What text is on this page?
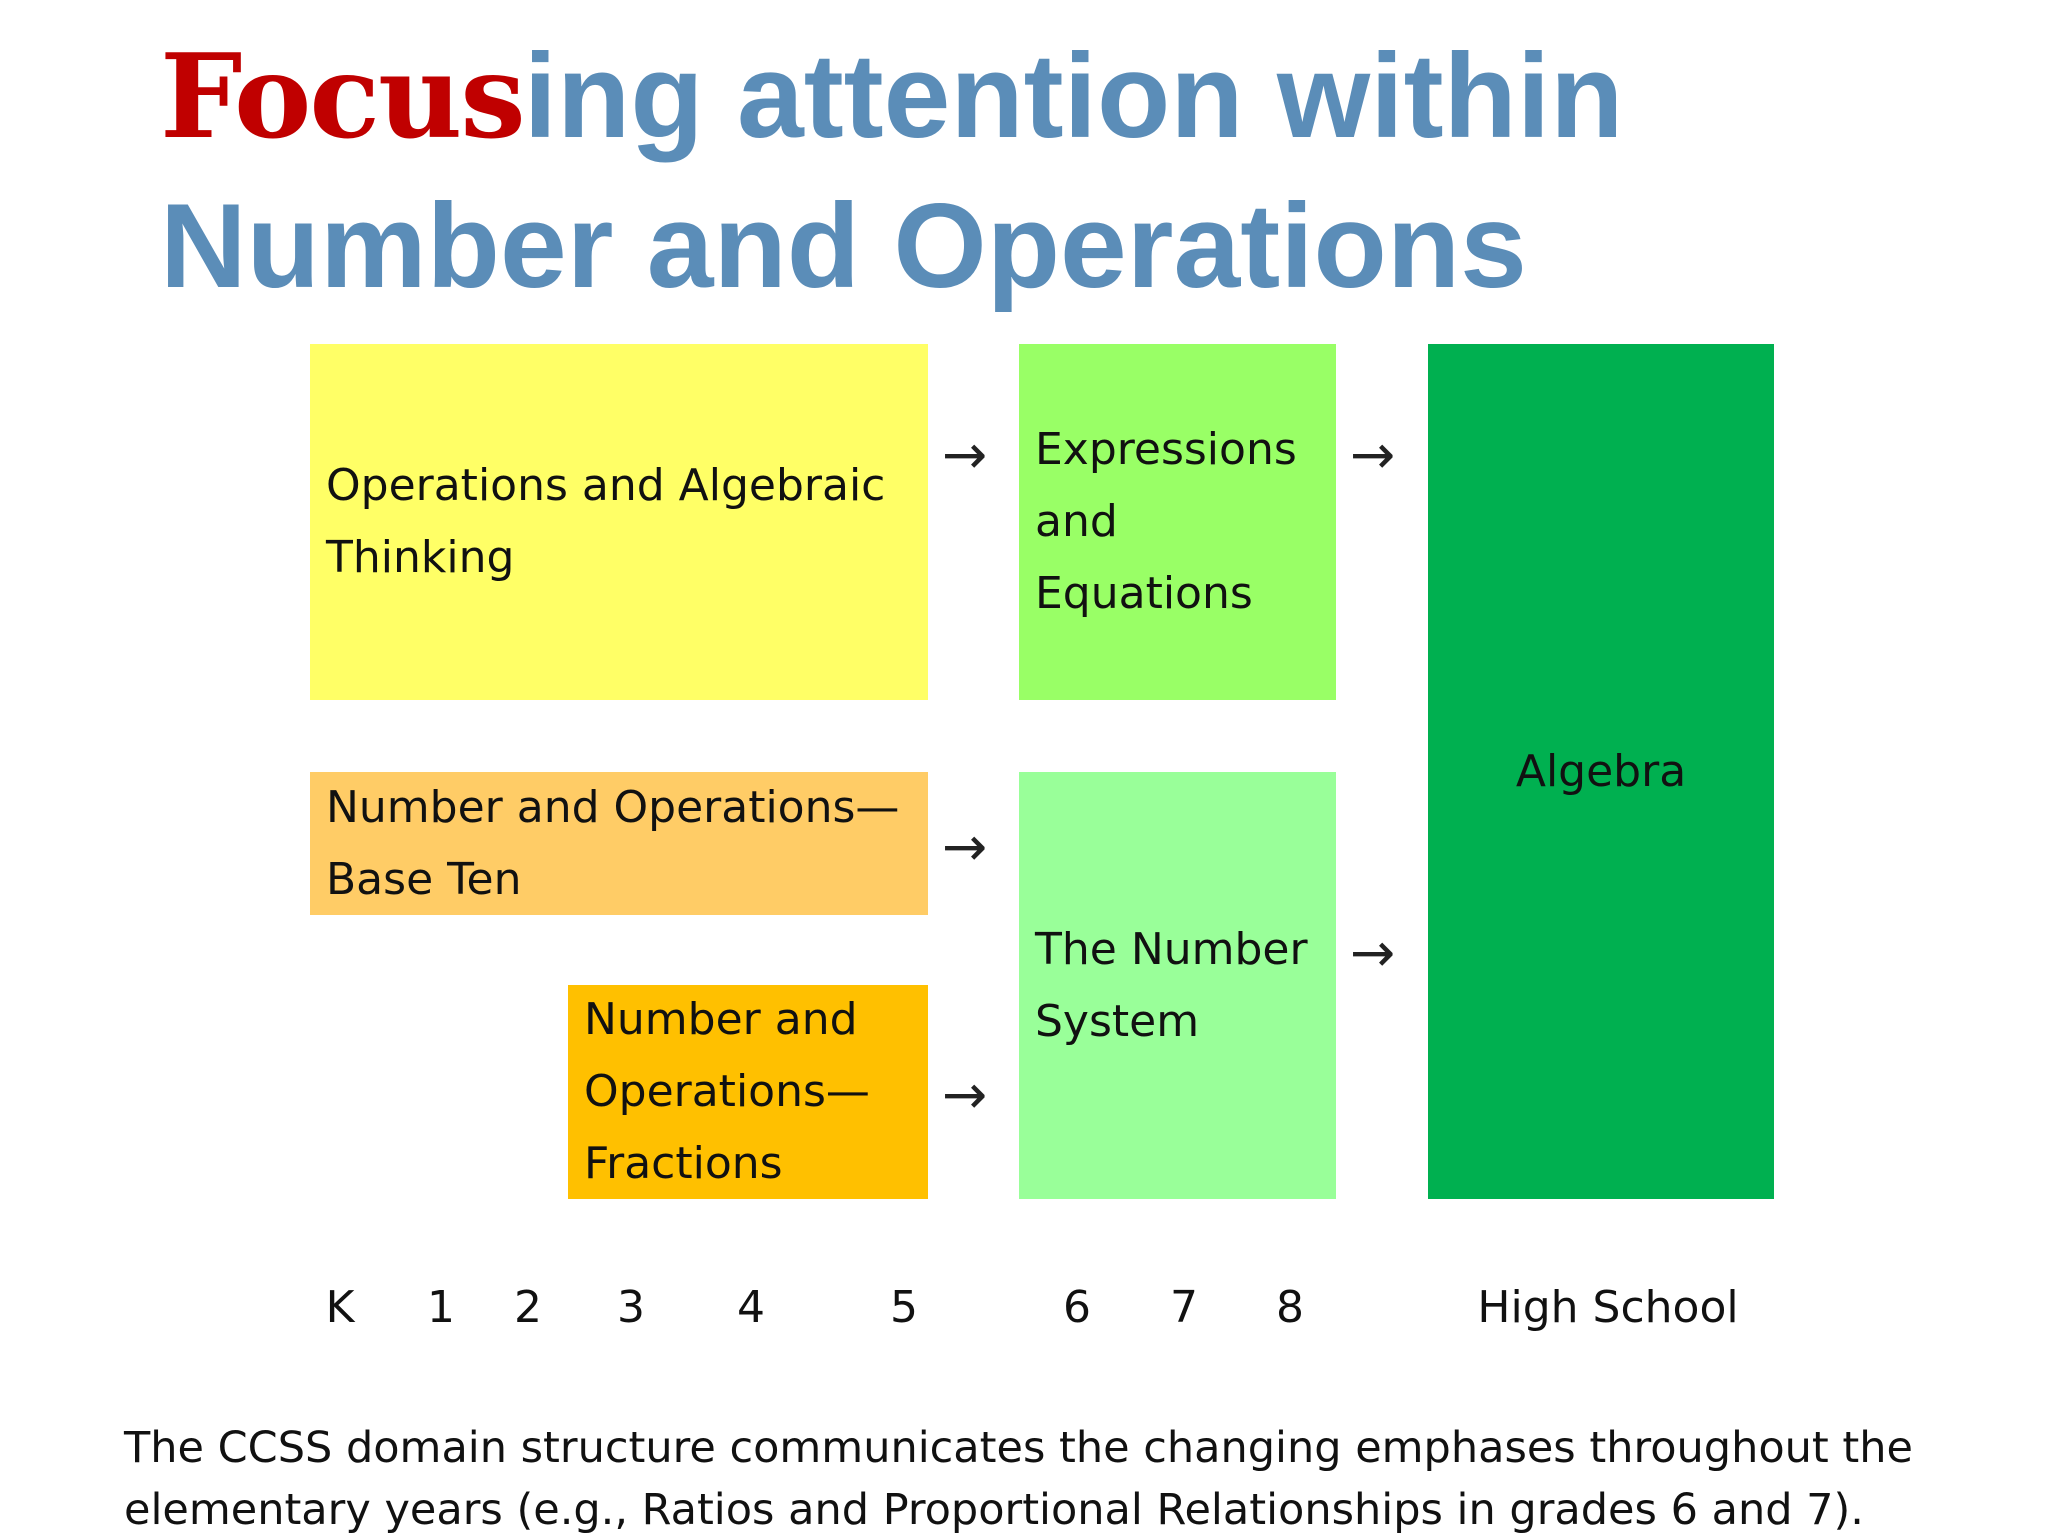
Focusing attention within
Number and Operations
Operations and Algebraic Thinking
Number and Operations— Base Ten
Number and Operations— Fractions
Expressions and Equations
The Number System
Algebra
→
→
→
→
→
K 1 2 3 4	5	6 7 8	High School

The CCSS domain structure communicates the changing emphases throughout the elementary years (e.g., Ratios and Proportional Relationships in grades 6 and 7).
